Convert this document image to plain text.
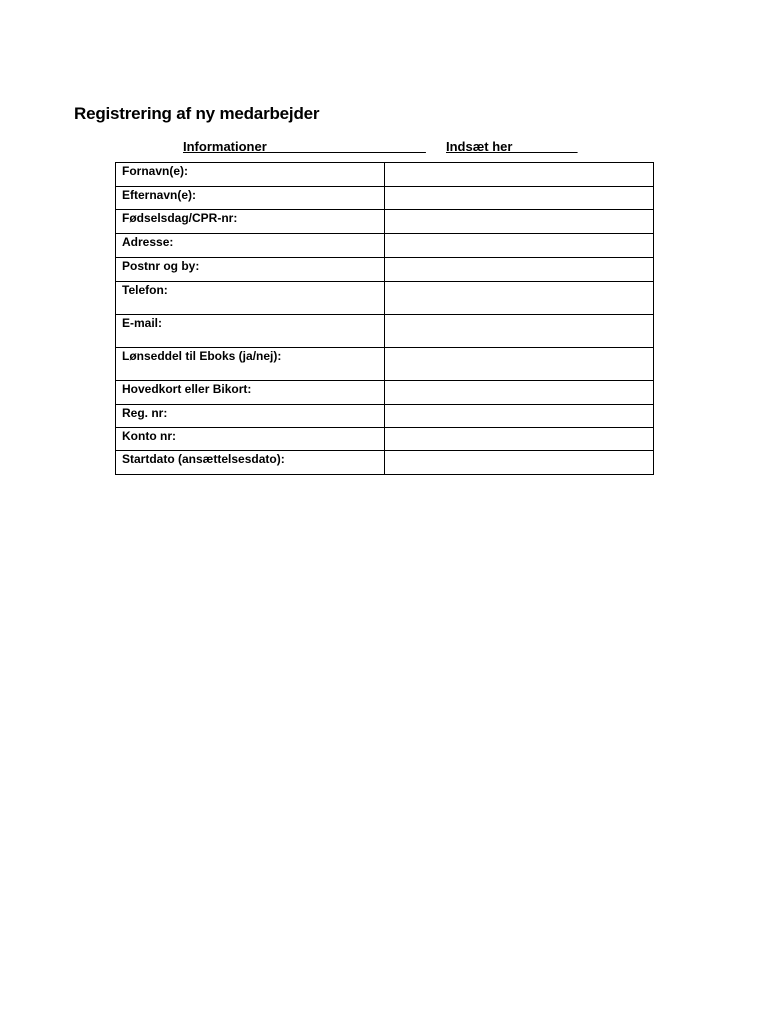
Registrering af ny medarbejder
Informationer______________________ Indsæt her_________
Fornavn(e):	
Efternavn(e):	
Fødselsdag/CPR-nr:	
Adresse:	
Postnr og by:	
Telefon:	
E-mail:	
Lønseddel til Eboks (ja/nej):	
Hovedkort eller Bikort:	
Reg. nr:	
Konto nr:	
Startdato (ansættelsesdato):	
